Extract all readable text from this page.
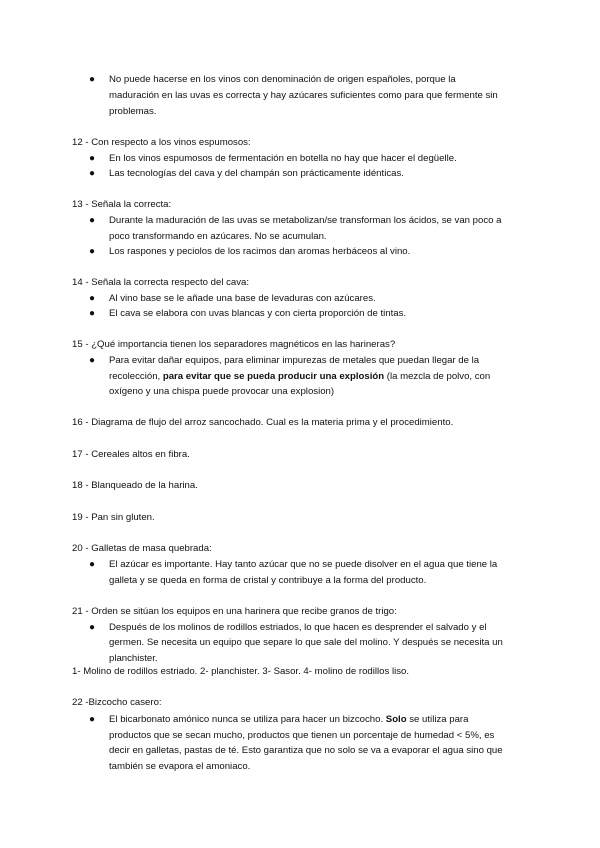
● No puede hacerse en los vinos con denominación de origen españoles, porque la
maduración en las uvas es correcta y hay azúcares suficientes como para que fermente sin
problemas.
12 - Con respecto a los vinos espumosos:
● En los vinos espumosos de fermentación en botella no hay que hacer el degüelle.
● Las tecnologías del cava y del champán son prácticamente idénticas.
13 - Señala la correcta:
● Durante la maduración de las uvas se metabolizan/se transforman los ácidos, se van poco a
poco transformando en azúcares. No se acumulan.
● Los raspones y peciolos de los racimos dan aromas herbáceos al vino.
14 - Señala la correcta respecto del cava:
● Al vino base se le añade una base de levaduras con azúcares.
● El cava se elabora con uvas blancas y con cierta proporción de tintas.
15 - ¿Qué importancia tienen los separadores magnéticos en las harineras?
● Para evitar dañar equipos, para eliminar impurezas de metales que puedan llegar de la
recolección, para evitar que se pueda producir una explosión (la mezcla de polvo, con
oxígeno y una chispa puede provocar una explosion)
16 - Diagrama de flujo del arroz sancochado. Cual es la materia prima y el procedimiento.
17 - Cereales altos en fibra.
18 - Blanqueado de la harina.
19 - Pan sin gluten.
20 - Galletas de masa quebrada:
● El azúcar es importante. Hay tanto azúcar que no se puede disolver en el agua que tiene la
galleta y se queda en forma de cristal y contribuye a la forma del producto.
21 - Orden se sitúan los equipos en una harinera que recibe granos de trigo:
● Después de los molinos de rodillos estriados, lo que hacen es desprender el salvado y el
germen. Se necesita un equipo que separe lo que sale del molino. Y después se necesita un
planchister.
1- Molino de rodillos estriado. 2- planchister. 3- Sasor. 4- molino de rodillos liso.
22 -Bizcocho casero:
● El bicarbonato amónico nunca se utiliza para hacer un bizcocho. Solo se utiliza para
productos que se secan mucho, productos que tienen un porcentaje de humedad < 5%, es
decir en galletas, pastas de té. Esto garantiza que no solo se va a evaporar el agua sino que
también se evapora el amoniaco.
